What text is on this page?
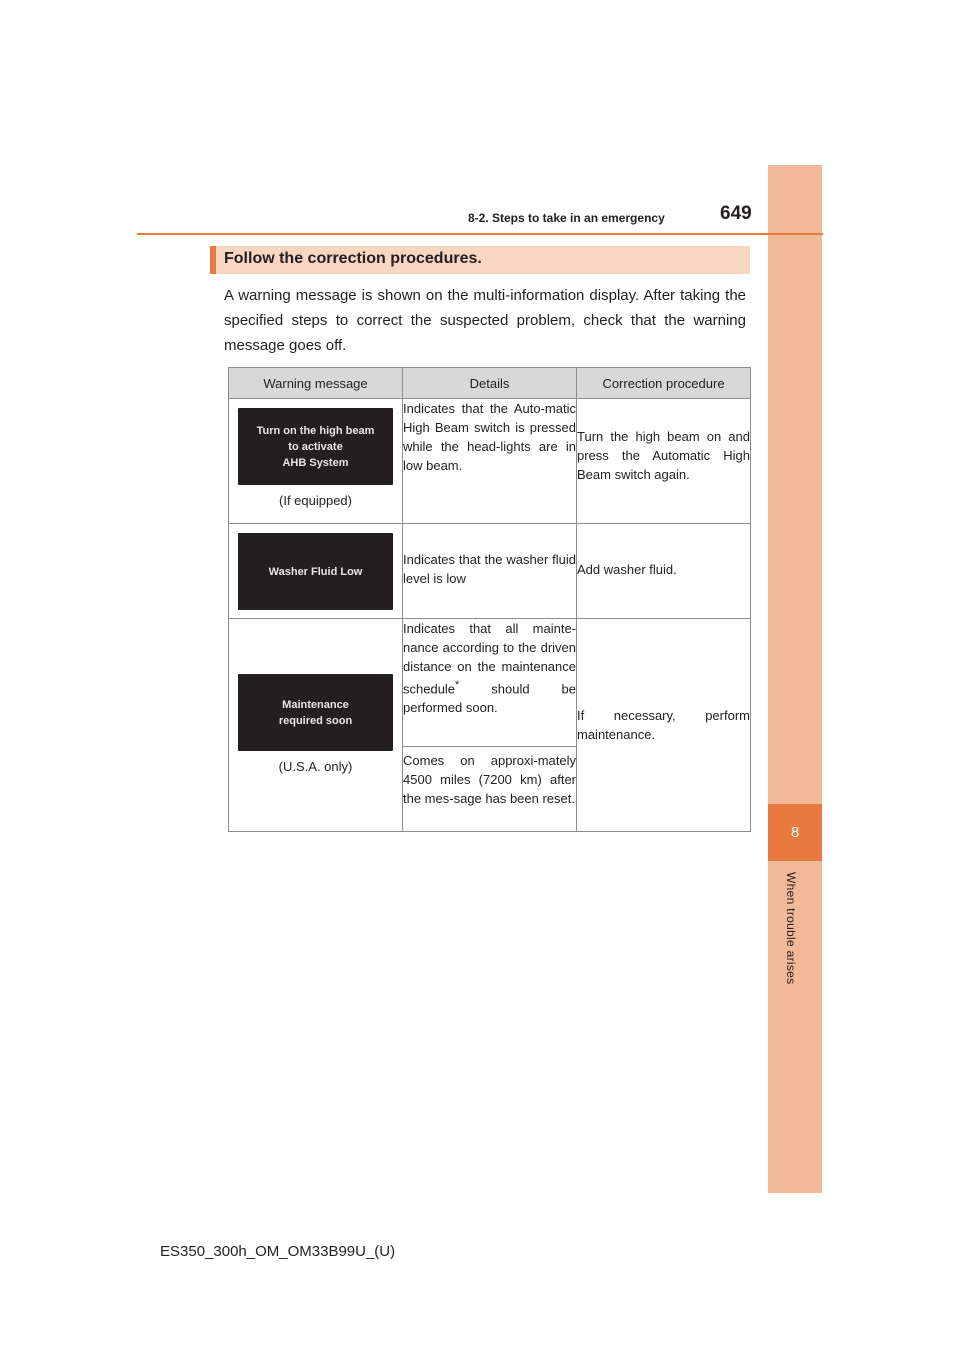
8
When trouble arises
8-2. Steps to take in an emergency	649
Follow the correction procedures.

A warning message is shown on the multi-information display. After taking the specified steps to correct the suspected problem, check that the warning message goes off.

Warning message	Details	Correction procedure

Turn on the high beam
to activate
AHB System
(If equipped)	Indicates that the Auto-matic High Beam switch is pressed while the head-lights are in low beam.	Turn the high beam on and press the Automatic High Beam switch again.

Washer Fluid Low	Indicates that the washer fluid level is low	Add washer fluid.

Maintenance
required soon
(U.S.A. only)	Indicates that all mainte-nance according to the driven distance on the maintenance schedule* should be performed soon.	If necessary, perform maintenance.
	Comes on approxi-mately 4500 miles (7200 km) after the mes-sage has been reset.	
ES350_300h_OM_OM33B99U_(U)
